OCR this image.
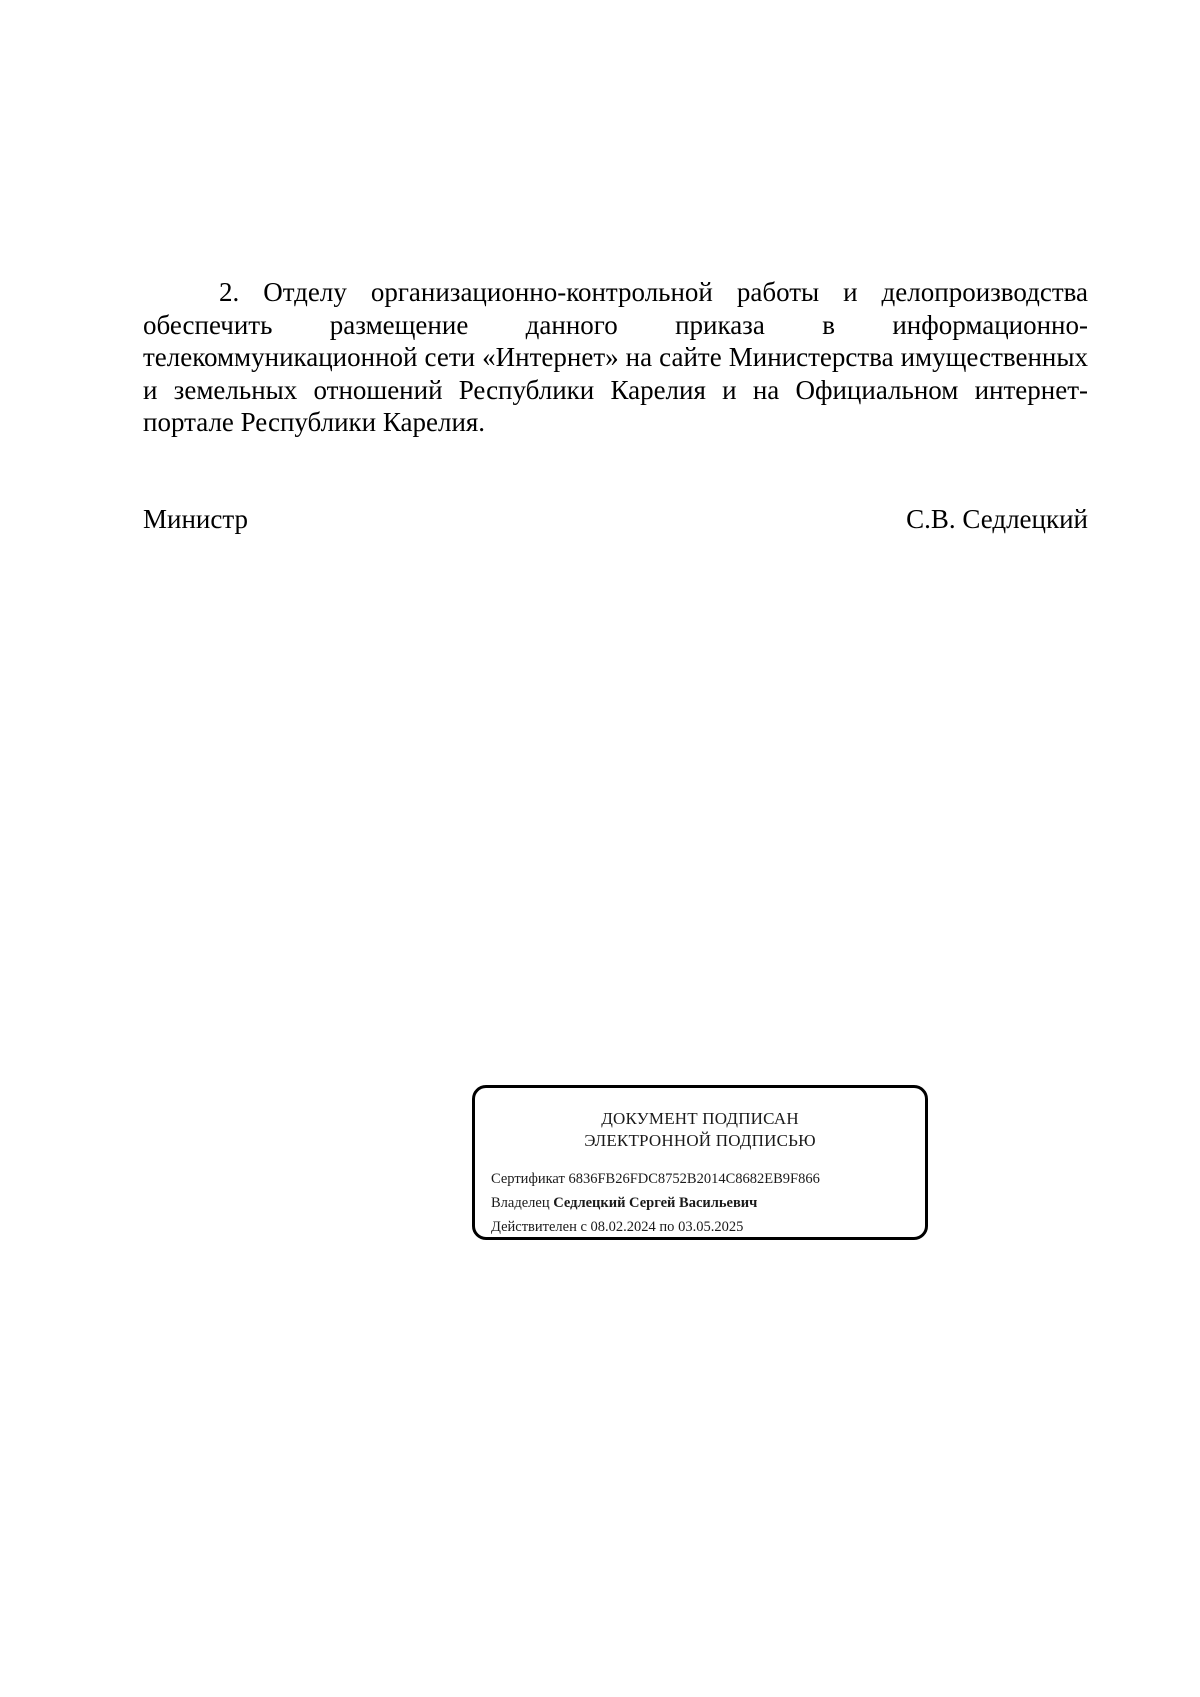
2. Отделу организационно-контрольной работы и делопроизводства обеспечить размещение данного приказа в информационно-телекоммуникационной сети «Интернет» на сайте Министерства имущественных и земельных отношений Республики Карелия и на Официальном интернет-портале Республики Карелия.

Министр	С.В. Седлецкий
ДОКУМЕНТ ПОДПИСАН
ЭЛЕКТРОННОЙ ПОДПИСЬЮ
Сертификат 6836FB26FDC8752B2014C8682EB9F866
Владелец Седлецкий Сергей Васильевич
Действителен с 08.02.2024 по 03.05.2025
